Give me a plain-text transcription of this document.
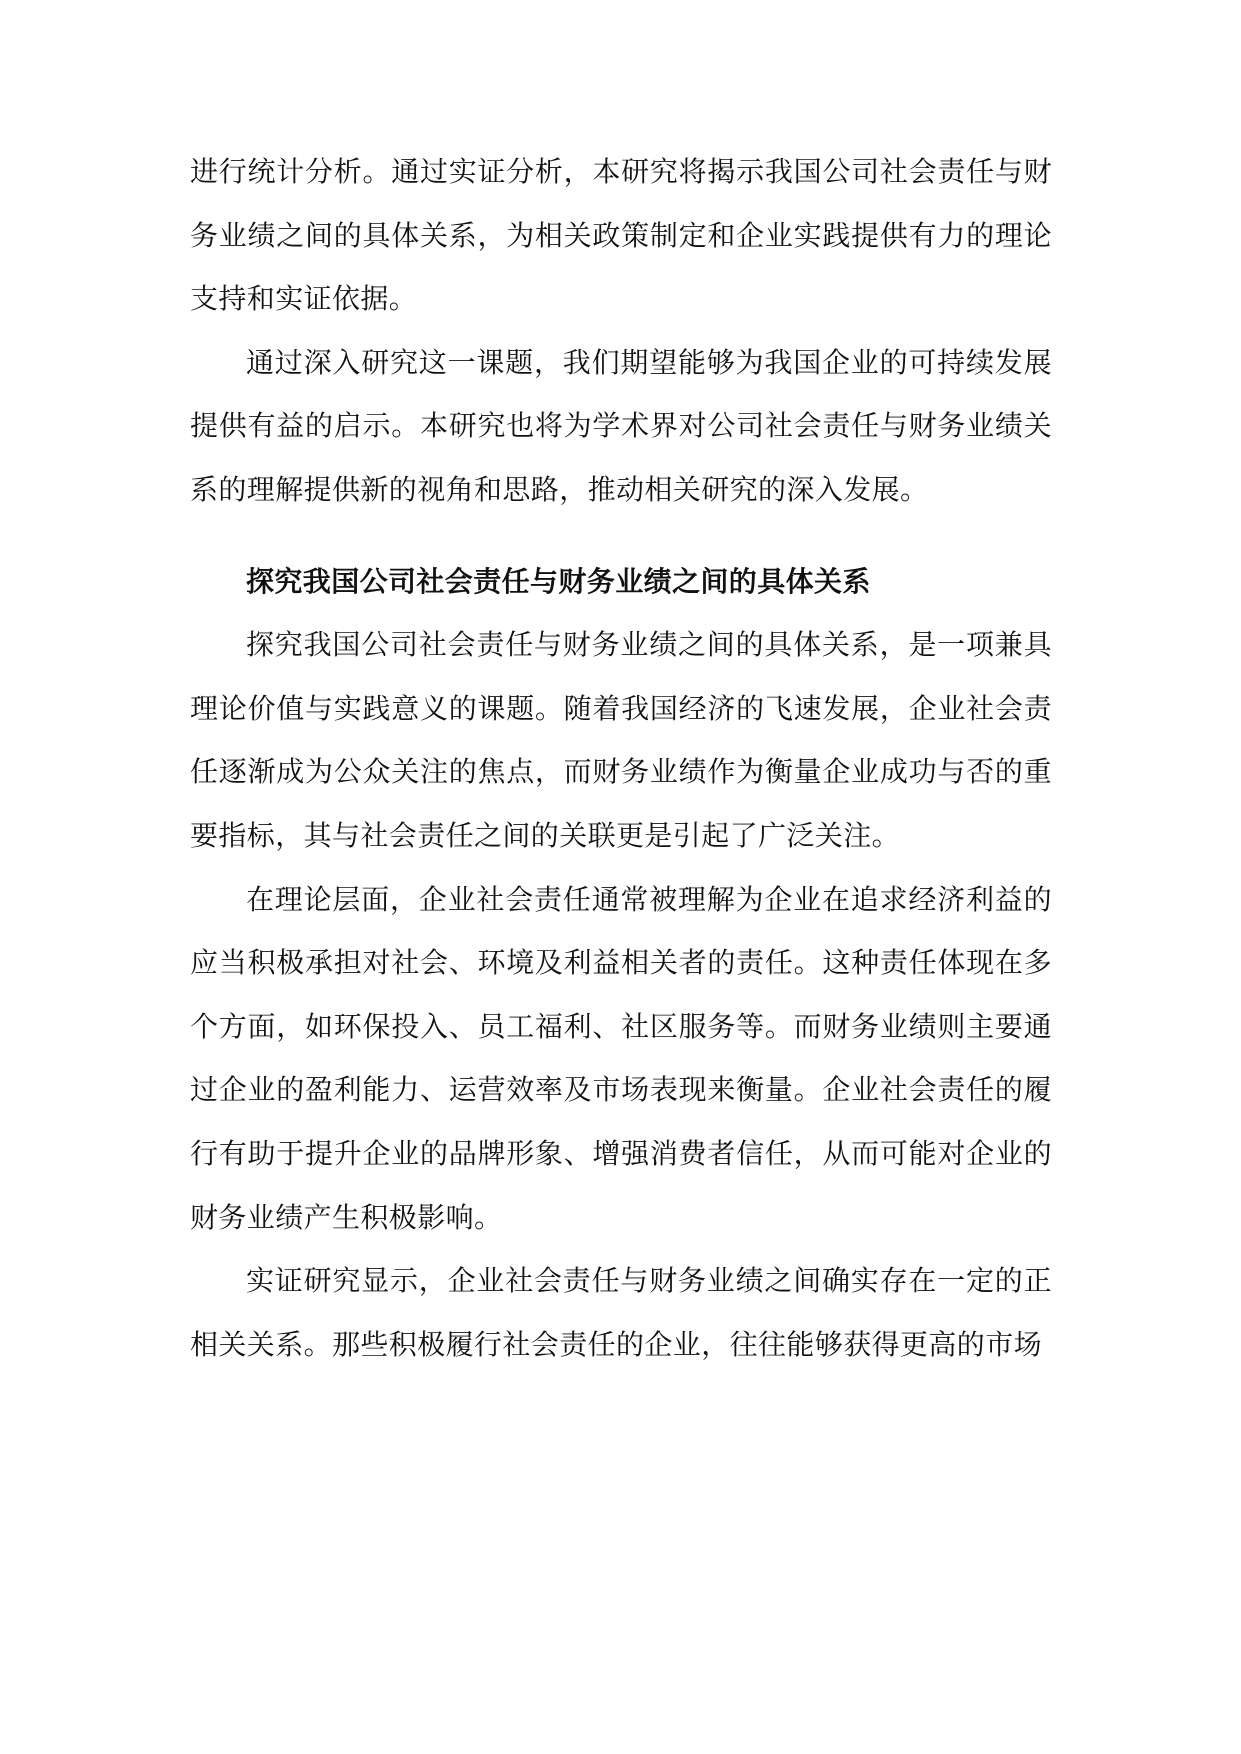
进行统计分析。通过实证分析，本研究将揭示我国公司社会责任与财务业绩之间的具体关系，为相关政策制定和企业实践提供有力的理论支持和实证依据。

通过深入研究这一课题，我们期望能够为我国企业的可持续发展提供有益的启示。本研究也将为学术界对公司社会责任与财务业绩关系的理解提供新的视角和思路，推动相关研究的深入发展。

探究我国公司社会责任与财务业绩之间的具体关系

探究我国公司社会责任与财务业绩之间的具体关系，是一项兼具理论价值与实践意义的课题。随着我国经济的飞速发展，企业社会责任逐渐成为公众关注的焦点，而财务业绩作为衡量企业成功与否的重要指标，其与社会责任之间的关联更是引起了广泛关注。

在理论层面，企业社会责任通常被理解为企业在追求经济利益的应当积极承担对社会、环境及利益相关者的责任。这种责任体现在多个方面，如环保投入、员工福利、社区服务等。而财务业绩则主要通过企业的盈利能力、运营效率及市场表现来衡量。企业社会责任的履行有助于提升企业的品牌形象、增强消费者信任，从而可能对企业的财务业绩产生积极影响。

实证研究显示，企业社会责任与财务业绩之间确实存在一定的正相关关系。那些积极履行社会责任的企业，往往能够获得更高的市场
